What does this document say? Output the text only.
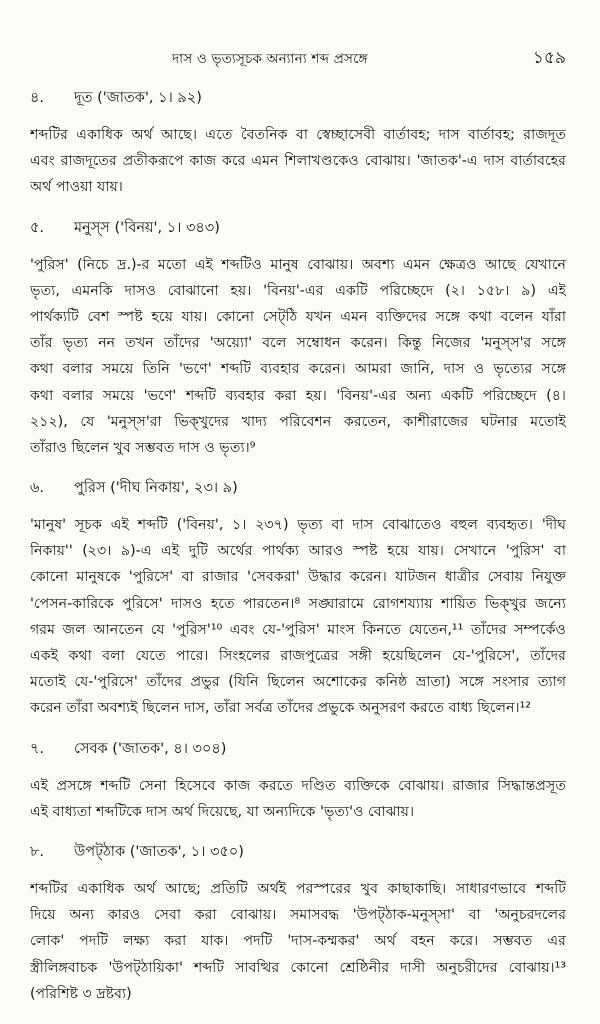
দাস ও ভৃত্যসূচক অন্যান্য শব্দ প্রসঙ্গে	১৫৯
৪. দূত ('জাতক', ১। ৯২)
শব্দটির একাধিক অর্থ আছে। এতে বৈতনিক বা স্বেচ্ছাসেবী বার্তাবহ; দাস বার্তাবহ; রাজদূত
এবং রাজদূতের প্রতীকরূপে কাজ করে এমন শিলাখণ্ডকেও বোঝায়। 'জাতক'-এ দাস বার্তাবহের
অর্থ পাওয়া যায়।
৫. মনুস্‌স ('বিনয়', ১। ৩৪৩)
'পুরিস' (নিচে দ্র.)-র মতো এই শব্দটিও মানুষ বোঝায়। অবশ্য এমন ক্ষেত্রও আছে যেখানে
ভৃত্য, এমনকি দাসও বোঝানো হয়। 'বিনয়'-এর একটি পরিচ্ছেদে (২। ১৫৮। ৯) এই
পার্থক্যটি বেশ স্পষ্ট হয়ে যায়। কোনো সেট্‌ঠি যখন এমন ব্যক্তিদের সঙ্গে কথা বলেন যাঁরা
তাঁর ভৃত্য নন তখন তাঁদের 'অয়্যো' বলে সম্বোধন করেন। কিন্তু নিজের 'মনুস্‌স'র সঙ্গে
কথা বলার সময়ে তিনি 'ভণে' শব্দটি ব্যবহার করেন। আমরা জানি, দাস ও ভৃত্যের সঙ্গে
কথা বলার সময়ে 'ভণে' শব্দটি ব্যবহার করা হয়। 'বিনয়'-এর অন্য একটি পরিচ্ছেদে (৪।
২১২), যে 'মনুস্‌স'রা ভিক্খুদের খাদ্য পরিবেশন করতেন, কাশীরাজের ঘটনার মতোই
তাঁরাও ছিলেন খুব সম্ভবত দাস ও ভৃত্য।⁹
৬. পুরিস ('দীঘ নিকায়', ২৩। ৯)
'মানুষ' সূচক এই শব্দটি ('বিনয়', ১। ২৩৭) ভৃত্য বা দাস বোঝাতেও বহুল ব্যবহৃত। 'দীঘ
নিকায়'' (২৩। ৯)-এ এই দুটি অর্থের পার্থক্য আরও স্পষ্ট হয়ে যায়। সেখানে 'পুরিস' বা
কোনো মানুষকে 'পুরিসে' বা রাজার 'সেবকরা' উদ্ধার করেন। যাটজন ধাত্রীর সেবায় নিযুক্ত
'পেসন-কারিকে পুরিসে' দাসও হতে পারতেন।⁸ সঙ্ঘারামে রোগশয্যায় শায়িত ভিক্খুর জন্যে
গরম জল আনতেন যে 'পুরিস'¹⁰ এবং যে-'পুরিস' মাংস কিনতে যেতেন,¹¹ তাঁদের সম্পর্কেও
একই কথা বলা যেতে পারে। সিংহলের রাজপুত্রের সঙ্গী হয়েছিলেন যে-'পুরিসে', তাঁদের
মতোই যে-'পুরিসে' তাঁদের প্রভুর (যিনি ছিলেন অশোকের কনিষ্ঠ ভ্রাতা) সঙ্গে সংসার ত্যাগ
করেন তাঁরা অবশ্যই ছিলেন দাস, তাঁরা সর্বত্র তাঁদের প্রভুকে অনুসরণ করতে বাধ্য ছিলেন।¹²
৭. সেবক ('জাতক', ৪। ৩০৪)
এই প্রসঙ্গে শব্দটি সেনা হিসেবে কাজ করতে দণ্ডিত ব্যক্তিকে বোঝায়। রাজার সিদ্ধান্তপ্রসূত
এই বাধ্যতা শব্দটিকে দাস অর্থ দিয়েছে, যা অন্যদিকে 'ভৃত্য'ও বোঝায়।
৮. উপট্‌ঠাক ('জাতক', ১। ৩৫০)
শব্দটির একাধিক অর্থ আছে; প্রতিটি অর্থই পরস্পরের খুব কাছাকাছি। সাধারণভাবে শব্দটি
দিয়ে অন্য কারও সেবা করা বোঝায়। সমাসবদ্ধ 'উপট্‌ঠাক-মনুস্‌সা' বা 'অনুচরদলের
লোক' পদটি লক্ষ্য করা যাক। পদটি 'দাস-কম্মকর' অর্থ বহন করে। সম্ভবত এর
স্ত্রীলিঙ্গবাচক 'উপট্‌ঠায়িকা' শব্দটি সাবত্থির কোনো শ্রেষ্ঠিনীর দাসী অনুচরীদের বোঝায়।¹³
(পরিশিষ্ট ৩ দ্রষ্টব্য)
